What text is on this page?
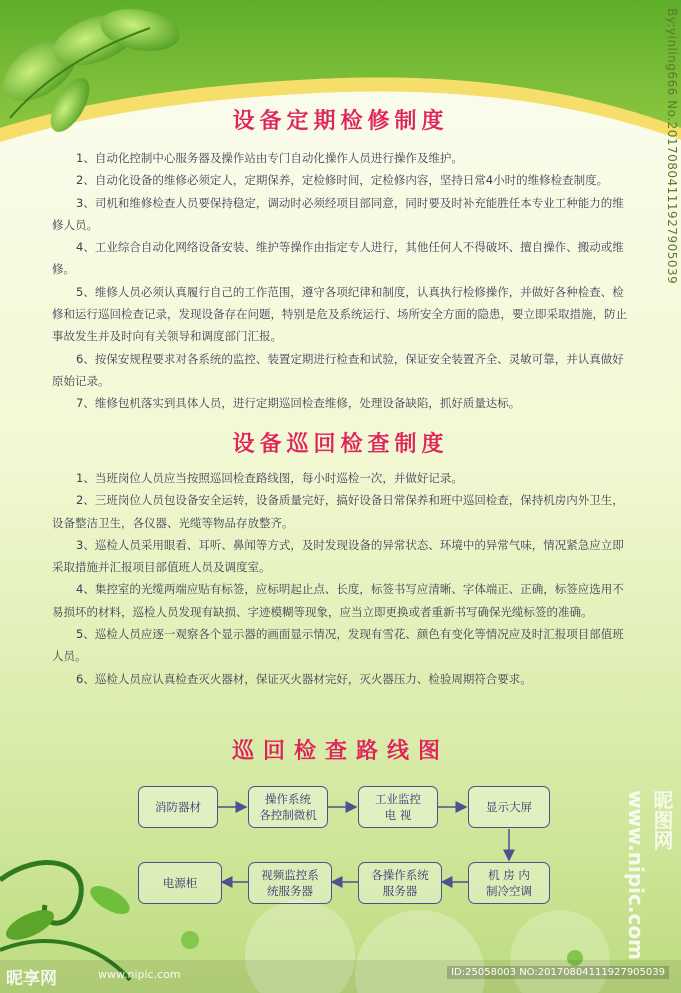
设备定期检修制度

1、自动化控制中心服务器及操作站由专门自动化操作人员进行操作及维护。

2、自动化设备的维修必须定人，定期保养，定检修时间，定检修内容，坚持日常4小时的维修检查制度。

3、司机和维修检查人员要保持稳定，调动时必须经项目部同意，同时要及时补充能胜任本专业工种能力的维修人员。

4、工业综合自动化网络设备安装、维护等操作由指定专人进行，其他任何人不得破坏、擅自操作、搬动或维修。

5、维修人员必须认真履行自己的工作范围，遵守各项纪律和制度，认真执行检修操作，并做好各种检查、检修和运行巡回检查记录，发现设备存在问题，特别是危及系统运行、场所安全方面的隐患，要立即采取措施，防止事故发生并及时向有关领导和调度部门汇报。

6、按保安规程要求对各系统的监控、装置定期进行检查和试验，保证安全装置齐全、灵敏可靠，并认真做好原始记录。

7、维修包机落实到具体人员，进行定期巡回检查维修，处理设备缺陷，抓好质量达标。

设备巡回检查制度

1、当班岗位人员应当按照巡回检查路线图，每小时巡检一次，并做好记录。

2、三班岗位人员包设备安全运转，设备质量完好，搞好设备日常保养和班中巡回检查，保持机房内外卫生，设备整洁卫生，各仪器、光缆等物品存放整齐。

3、巡检人员采用眼看、耳听、鼻闻等方式，及时发现设备的异常状态、环境中的异常气味，情况紧急应立即采取措施并汇报项目部值班人员及调度室。

4、集控室的光缆两端应贴有标签，应标明起止点、长度，标签书写应清晰、字体端正、正确，标签应选用不易损坏的材料，巡检人员发现有缺损、字迹模糊等现象，应当立即更换或者重新书写确保光缆标签的准确。

5、巡检人员应逐一观察各个显示器的画面显示情况，发现有雪花、颜色有变化等情况应及时汇报项目部值班人员。

6、巡检人员应认真检查灭火器材，保证灭火器材完好，灭火器压力、检验周期符合要求。

巡回检查路线图
消防器材
操作系统
各控制微机
工业监控
电 视
显示大屏
机 房 内
制冷空调
各操作系统
服务器
视频监控系
统服务器
电源柜
By:yinling666 No.20170804111927905039
昵图网 www.nipic.com
昵享网	www.nipic.com	ID:25058003 NO:20170804111927905039
